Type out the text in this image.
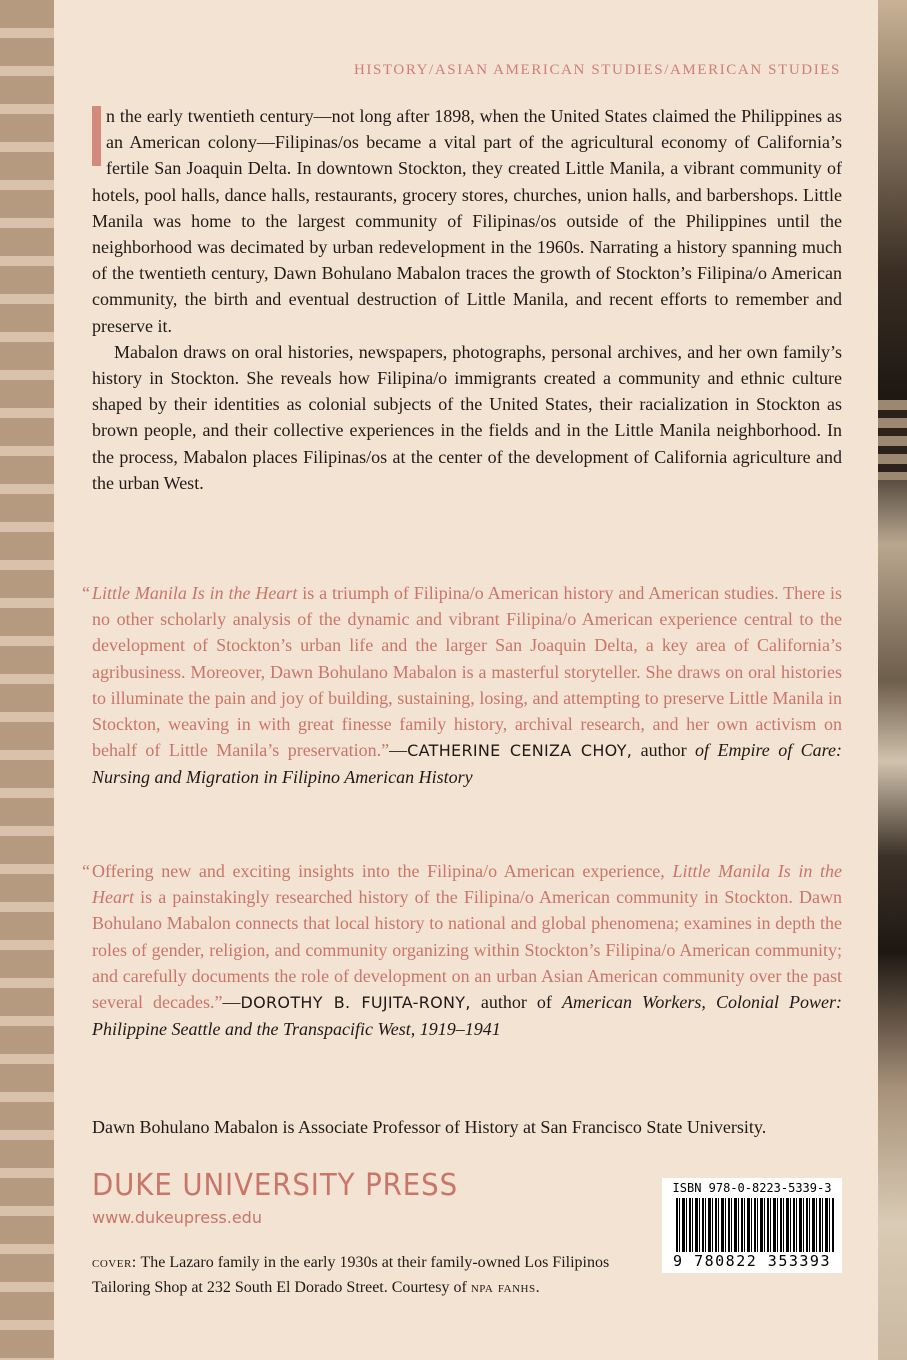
HISTORY/ASIAN AMERICAN STUDIES/AMERICAN STUDIES

n the early twentieth century—not long after 1898, when the United States claimed the Philippines as an American colony—Filipinas/os became a vital part of the agricultural economy of California’s fertile San Joaquin Delta. In downtown Stockton, they created Little Manila, a vibrant community of hotels, pool halls, dance halls, restaurants, grocery stores, churches, union halls, and barbershops. Little Manila was home to the largest community of Filipinas/os outside of the Philippines until the neighborhood was decimated by urban redevelopment in the 1960s. Narrating a history spanning much of the twentieth century, Dawn Bohulano Mabalon traces the growth of Stockton’s Filipina/o American community, the birth and eventual destruction of Little Manila, and recent efforts to remember and preserve it.

Mabalon draws on oral histories, newspapers, photographs, personal archives, and her own family’s history in Stockton. She reveals how Filipina/o immigrants created a community and ethnic culture shaped by their identities as colonial subjects of the United States, their racialization in Stockton as brown people, and their collective experiences in the fields and in the Little Manila neighborhood. In the process, Mabalon places Filipinas/os at the center of the development of California agriculture and the urban West.

“ Little Manila Is in the Heart is a triumph of Filipina/o American history and American studies. There is no other scholarly analysis of the dynamic and vibrant Filipina/o American experience central to the development of Stockton’s urban life and the larger San Joaquin Delta, a key area of California’s agribusiness. Moreover, Dawn Bohulano Mabalon is a masterful storyteller. She draws on oral histories to illuminate the pain and joy of building, sustaining, losing, and attempting to preserve Little Manila in Stockton, weaving in with great finesse family history, archival research, and her own activism on behalf of Little Manila’s preservation.”—CATHERINE CENIZA CHOY, author of Empire of Care: Nursing and Migration in Filipino American History

“ Offering new and exciting insights into the Filipina/o American experience, Little Manila Is in the Heart is a painstakingly researched history of the Filipina/o American community in Stockton. Dawn Bohulano Mabalon connects that local history to national and global phenomena; examines in depth the roles of gender, religion, and community organizing within Stockton’s Filipina/o American community; and carefully documents the role of development on an urban Asian American community over the past several decades.”—DOROTHY B. FUJITA-RONY, author of American Workers, Colonial Power: Philippine Seattle and the Transpacific West, 1919–1941

Dawn Bohulano Mabalon is Associate Professor of History at San Francisco State University.
DUKE UNIVERSITY PRESS
www.dukeupress.edu

cover: The Lazaro family in the early 1930s at their family-owned Los Filipinos Tailoring Shop at 232 South El Dorado Street. Courtesy of npa fanhs.

ISBN 978-0-8223-5339-3
9 780822 353393
